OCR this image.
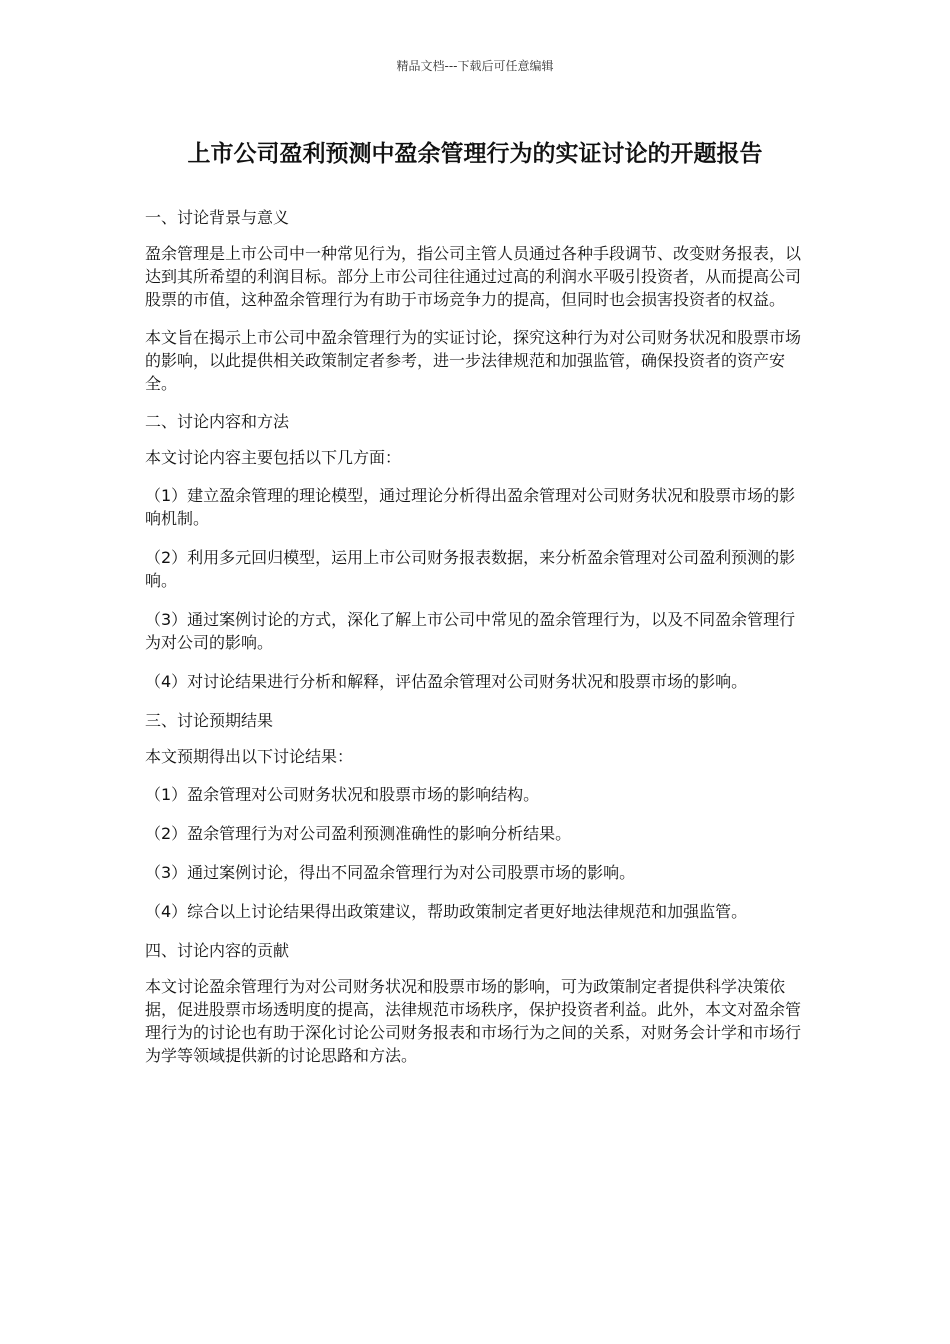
精品文档---下载后可任意编辑
上市公司盈利预测中盈余管理行为的实证讨论的开题报告

一、讨论背景与意义

盈余管理是上市公司中一种常见行为，指公司主管人员通过各种手段调节、改变财务报表，以达到其所希望的利润目标。部分上市公司往往通过过高的利润水平吸引投资者，从而提高公司股票的市值，这种盈余管理行为有助于市场竞争力的提高，但同时也会损害投资者的权益。

本文旨在揭示上市公司中盈余管理行为的实证讨论，探究这种行为对公司财务状况和股票市场的影响，以此提供相关政策制定者参考，进一步法律规范和加强监管，确保投资者的资产安全。

二、讨论内容和方法

本文讨论内容主要包括以下几方面：

（1）建立盈余管理的理论模型，通过理论分析得出盈余管理对公司财务状况和股票市场的影响机制。

（2）利用多元回归模型，运用上市公司财务报表数据，来分析盈余管理对公司盈利预测的影响。

（3）通过案例讨论的方式，深化了解上市公司中常见的盈余管理行为，以及不同盈余管理行为对公司的影响。

（4）对讨论结果进行分析和解释，评估盈余管理对公司财务状况和股票市场的影响。

三、讨论预期结果

本文预期得出以下讨论结果：

（1）盈余管理对公司财务状况和股票市场的影响结构。

（2）盈余管理行为对公司盈利预测准确性的影响分析结果。

（3）通过案例讨论，得出不同盈余管理行为对公司股票市场的影响。

（4）综合以上讨论结果得出政策建议，帮助政策制定者更好地法律规范和加强监管。

四、讨论内容的贡献

本文讨论盈余管理行为对公司财务状况和股票市场的影响，可为政策制定者提供科学决策依据，促进股票市场透明度的提高，法律规范市场秩序，保护投资者利益。此外，本文对盈余管理行为的讨论也有助于深化讨论公司财务报表和市场行为之间的关系，对财务会计学和市场行为学等领域提供新的讨论思路和方法。
